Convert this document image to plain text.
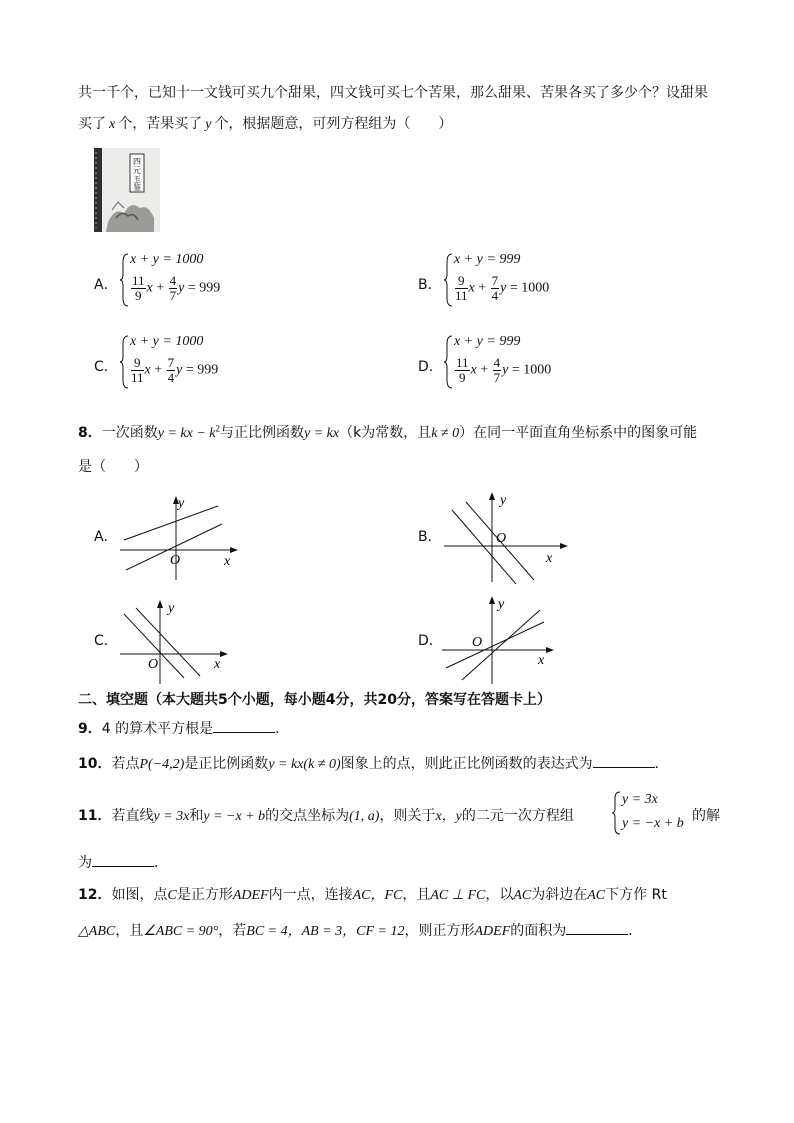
共一千个，已知十一文钱可买九个甜果，四文钱可买七个苦果，那么甜果、苦果各买了多少个？设甜果
买了 x 个，苦果买了 y 个，根据题意，可列方程组为（　　）
四
元
玉
鉴
A．
x + y = 1000
$\frac{11}{9}$ $x + \frac{4}{7}$ y = 999	B．
x + y = 999
$\frac{9}{11}$ $x + \frac{7}{4}$ y = 1000
C．
x + y = 1000
$\frac{9}{11}$ $x + \frac{7}{4}$ y = 999	D．
x + y = 999
$\frac{11}{9}$ $x + \frac{4}{7}$ y = 1000
8．一次函数y = kx − $k^2$与正比例函数y = kx（k为常数，且k ≠ 0）在同一平面直角坐标系中的图象可能
是（　　）
A．
y
x
O
B．
y
x
O
C．
y
x
O
D．
y
x
O
二、填空题（本大题共5个小题，每小题4分，共20分，答案写在答题卡上）
9．4 的算术平方根是	．
10．若点P(−4,2)是正比例函数y = kx(k ≠ 0)图象上的点，则此正比例函数的表达式为	．
11．若直线y = 3x和y = −x + b的交点坐标为(1, a)，则关于x，y的二元一次方程组
y = 3x
y = −x + b 的解
为	．
12．如图，点C是正方形ADEF内一点，连接AC，FC，且AC ⊥ FC，以AC为斜边在AC下方作 Rt
△ABC，且∠ABC = 90°，若BC = 4，AB = 3，CF = 12，则正方形ADEF的面积为	．
